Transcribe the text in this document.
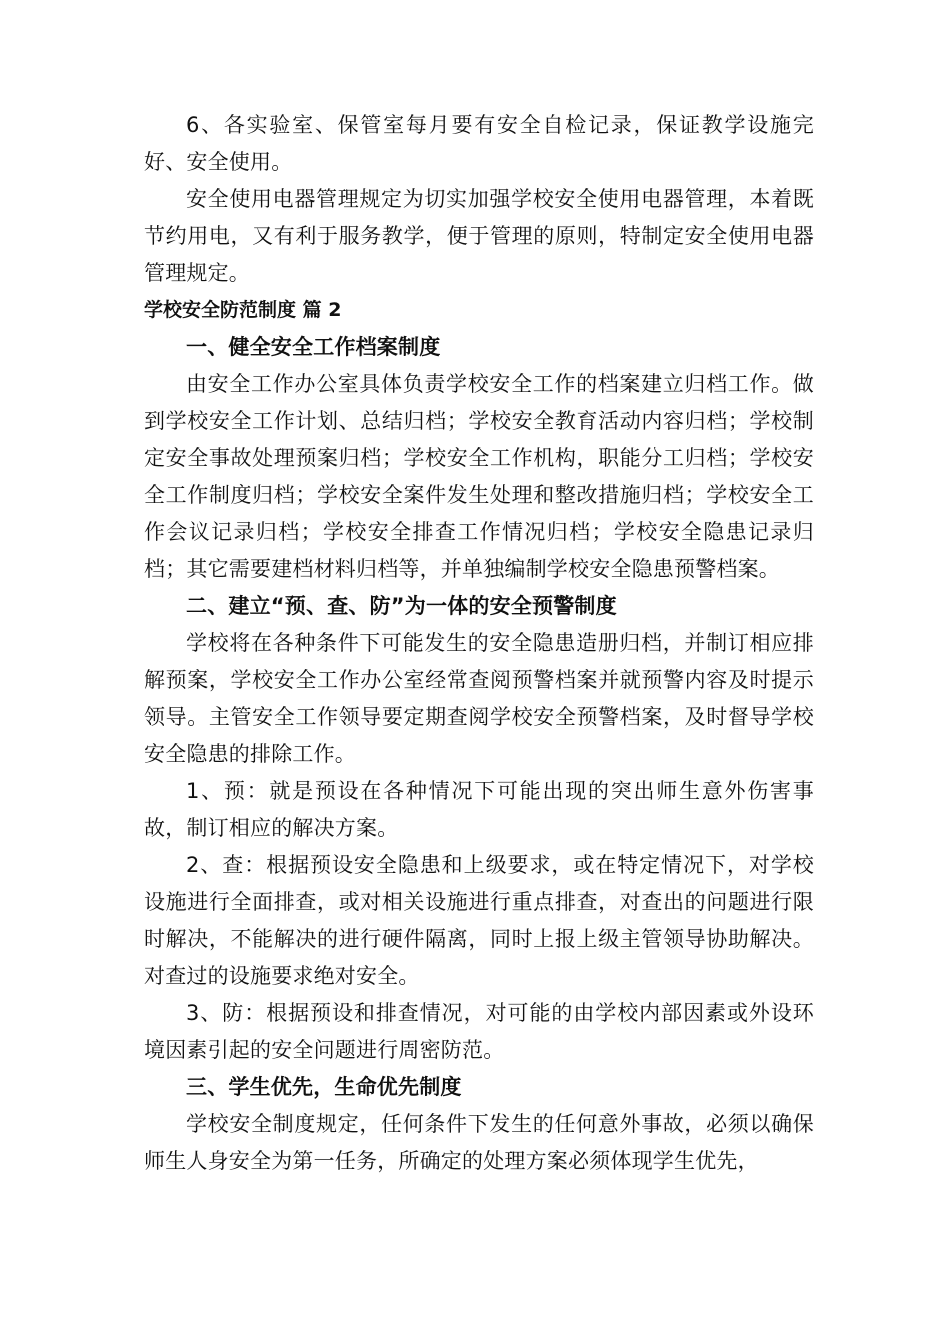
6、各实验室、保管室每月要有安全自检记录，保证教学设施完好、安全使用。

安全使用电器管理规定为切实加强学校安全使用电器管理，本着既节约用电，又有利于服务教学，便于管理的原则，特制定安全使用电器管理规定。

学校安全防范制度 篇 2

一、健全安全工作档案制度

由安全工作办公室具体负责学校安全工作的档案建立归档工作。做到学校安全工作计划、总结归档；学校安全教育活动内容归档；学校制定安全事故处理预案归档；学校安全工作机构，职能分工归档；学校安全工作制度归档；学校安全案件发生处理和整改措施归档；学校安全工作会议记录归档；学校安全排查工作情况归档；学校安全隐患记录归档；其它需要建档材料归档等，并单独编制学校安全隐患预警档案。

二、建立“预、查、防”为一体的安全预警制度

学校将在各种条件下可能发生的安全隐患造册归档，并制订相应排解预案，学校安全工作办公室经常查阅预警档案并就预警内容及时提示领导。主管安全工作领导要定期查阅学校安全预警档案，及时督导学校安全隐患的排除工作。

1、预：就是预设在各种情况下可能出现的突出师生意外伤害事故，制订相应的解决方案。

2、查：根据预设安全隐患和上级要求，或在特定情况下，对学校设施进行全面排查，或对相关设施进行重点排查，对查出的问题进行限时解决，不能解决的进行硬件隔离，同时上报上级主管领导协助解决。对查过的设施要求绝对安全。

3、防：根据预设和排查情况，对可能的由学校内部因素或外设环境因素引起的安全问题进行周密防范。

三、学生优先，生命优先制度

学校安全制度规定，任何条件下发生的任何意外事故，必须以确保师生人身安全为第一任务，所确定的处理方案必须体现学生优先，
